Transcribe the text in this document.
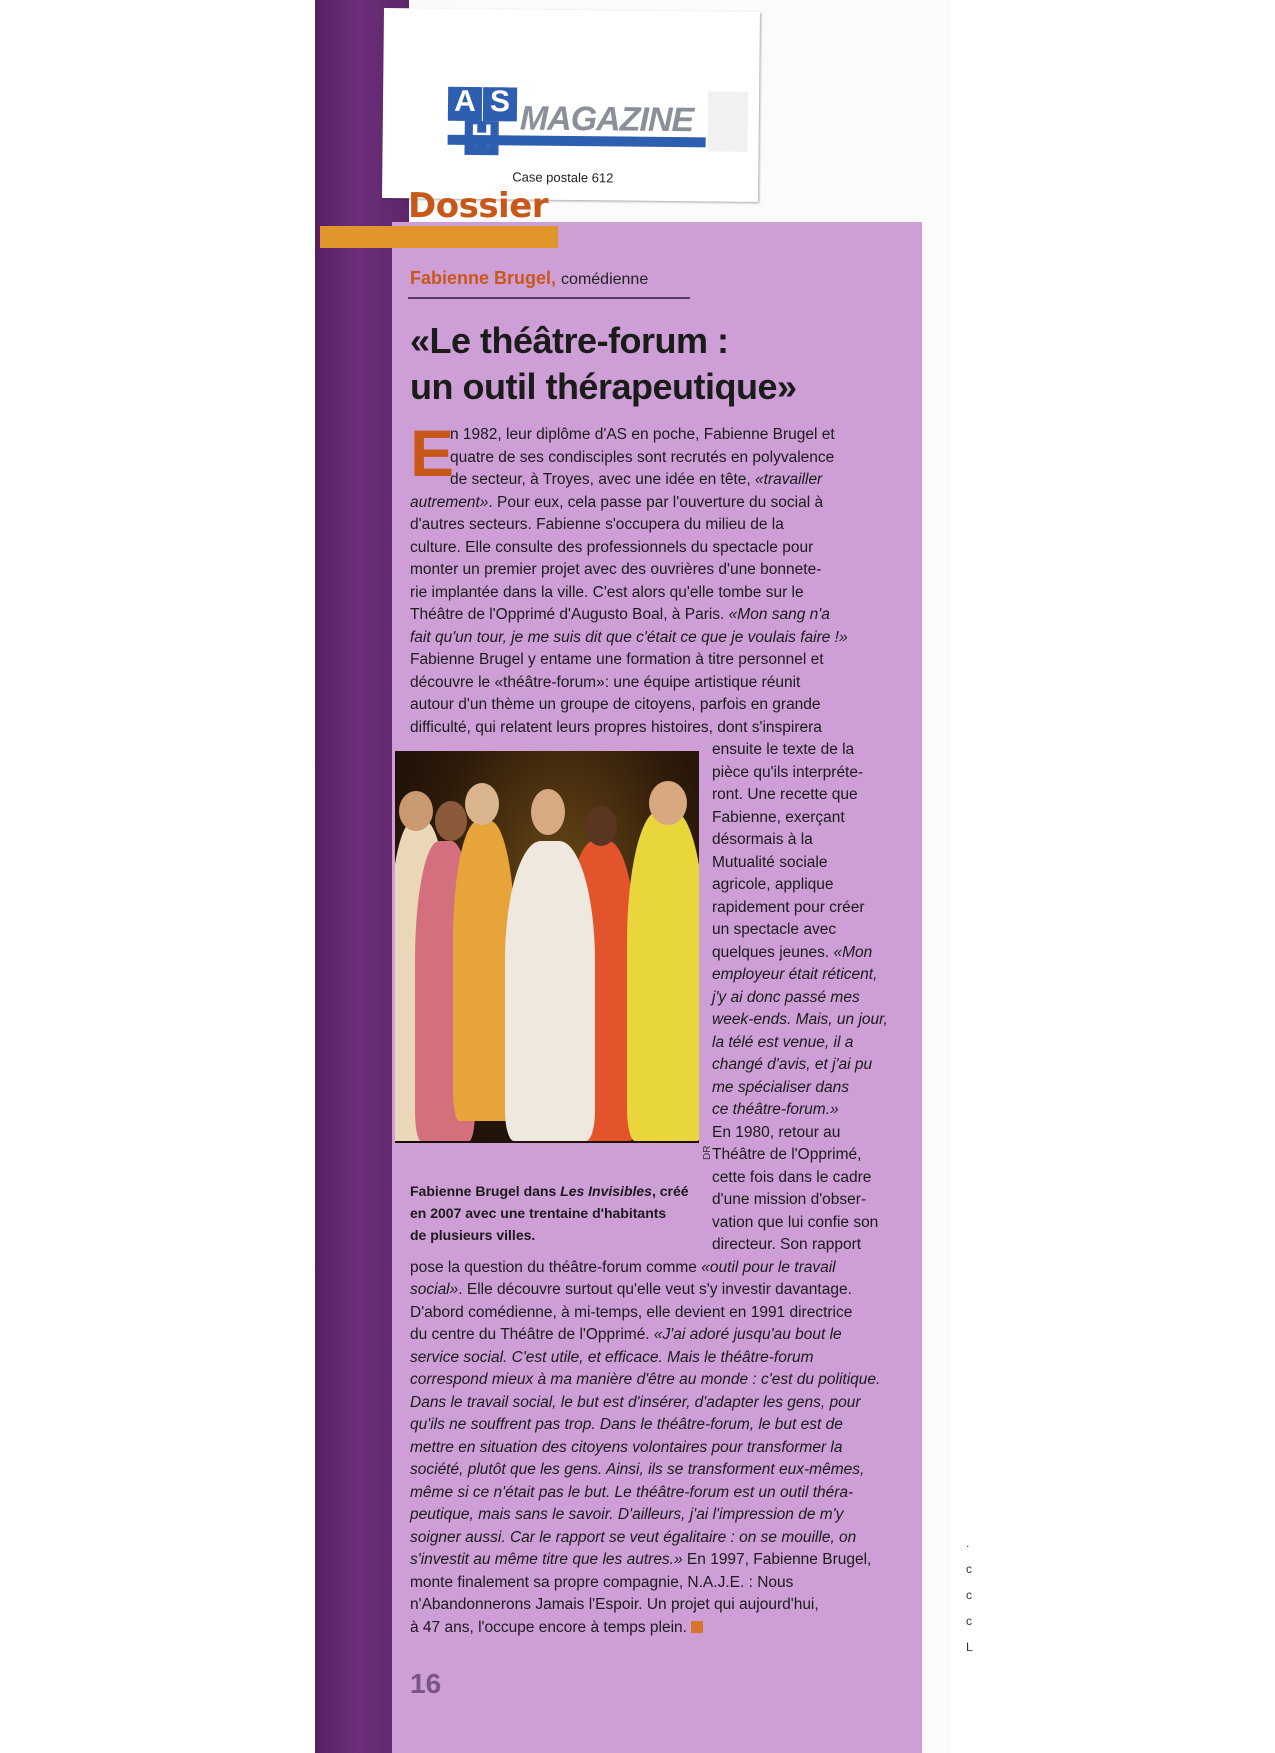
A S MAGAZINE
Case postale 612
Dossier
Fabienne Brugel, comédienne
«Le théâtre-forum :
un outil thérapeutique»
E

n 1982, leur diplôme d'AS en poche, Fabienne Brugel et
quatre de ses condisciples sont recrutés en polyvalence
de secteur, à Troyes, avec une idée en tête, «travailler

autrement». Pour eux, cela passe par l'ouverture du social à
d'autres secteurs. Fabienne s'occupera du milieu de la
culture. Elle consulte des professionnels du spectacle pour
monter un premier projet avec des ouvrières d'une bonnete-
rie implantée dans la ville. C'est alors qu'elle tombe sur le
Théâtre de l'Opprimé d'Augusto Boal, à Paris. «Mon sang n'a
fait qu'un tour, je me suis dit que c'était ce que je voulais faire !»
Fabienne Brugel y entame une formation à titre personnel et
découvre le «théâtre-forum»: une équipe artistique réunit
autour d'un thème un groupe de citoyens, parfois en grande
difficulté, qui relatent leurs propres histoires, dont s'inspirera

ensuite le texte de la
pièce qu'ils interpréte-
ront. Une recette que
Fabienne, exerçant
désormais à la
Mutualité sociale
agricole, applique
rapidement pour créer
un spectacle avec
quelques jeunes. «Mon
employeur était réticent,
j'y ai donc passé mes
week-ends. Mais, un jour,
la télé est venue, il a
changé d'avis, et j'ai pu
me spécialiser dans
ce théâtre-forum.»
En 1980, retour au
Théâtre de l'Opprimé,
cette fois dans le cadre
d'une mission d'obser-
vation que lui confie son
directeur. Son rapport

pose la question du théâtre-forum comme «outil pour le travail
social». Elle découvre surtout qu'elle veut s'y investir davantage.
D'abord comédienne, à mi-temps, elle devient en 1991 directrice
du centre du Théâtre de l'Opprimé. «J'ai adoré jusqu'au bout le
service social. C'est utile, et efficace. Mais le théâtre-forum
correspond mieux à ma manière d'être au monde : c'est du politique.
Dans le travail social, le but est d'insérer, d'adapter les gens, pour
qu'ils ne souffrent pas trop. Dans le théâtre-forum, le but est de
mettre en situation des citoyens volontaires pour transformer la
société, plutôt que les gens. Ainsi, ils se transforment eux-mêmes,
même si ce n'était pas le but. Le théâtre-forum est un outil théra-
peutique, mais sans le savoir. D'ailleurs, j'ai l'impression de m'y
soigner aussi. Car le rapport se veut égalitaire : on se mouille, on
s'investit au même titre que les autres.» En 1997, Fabienne Brugel,
monte finalement sa propre compagnie, N.A.J.E. : Nous
n'Abandonnerons Jamais l'Espoir. Un projet qui aujourd'hui,
à 47 ans, l'occupe encore à temps plein.

DR

Fabienne Brugel dans Les Invisibles, créé
en 2007 avec une trentaine d'habitants
de plusieurs villes.

16
.
c
c
c
L
